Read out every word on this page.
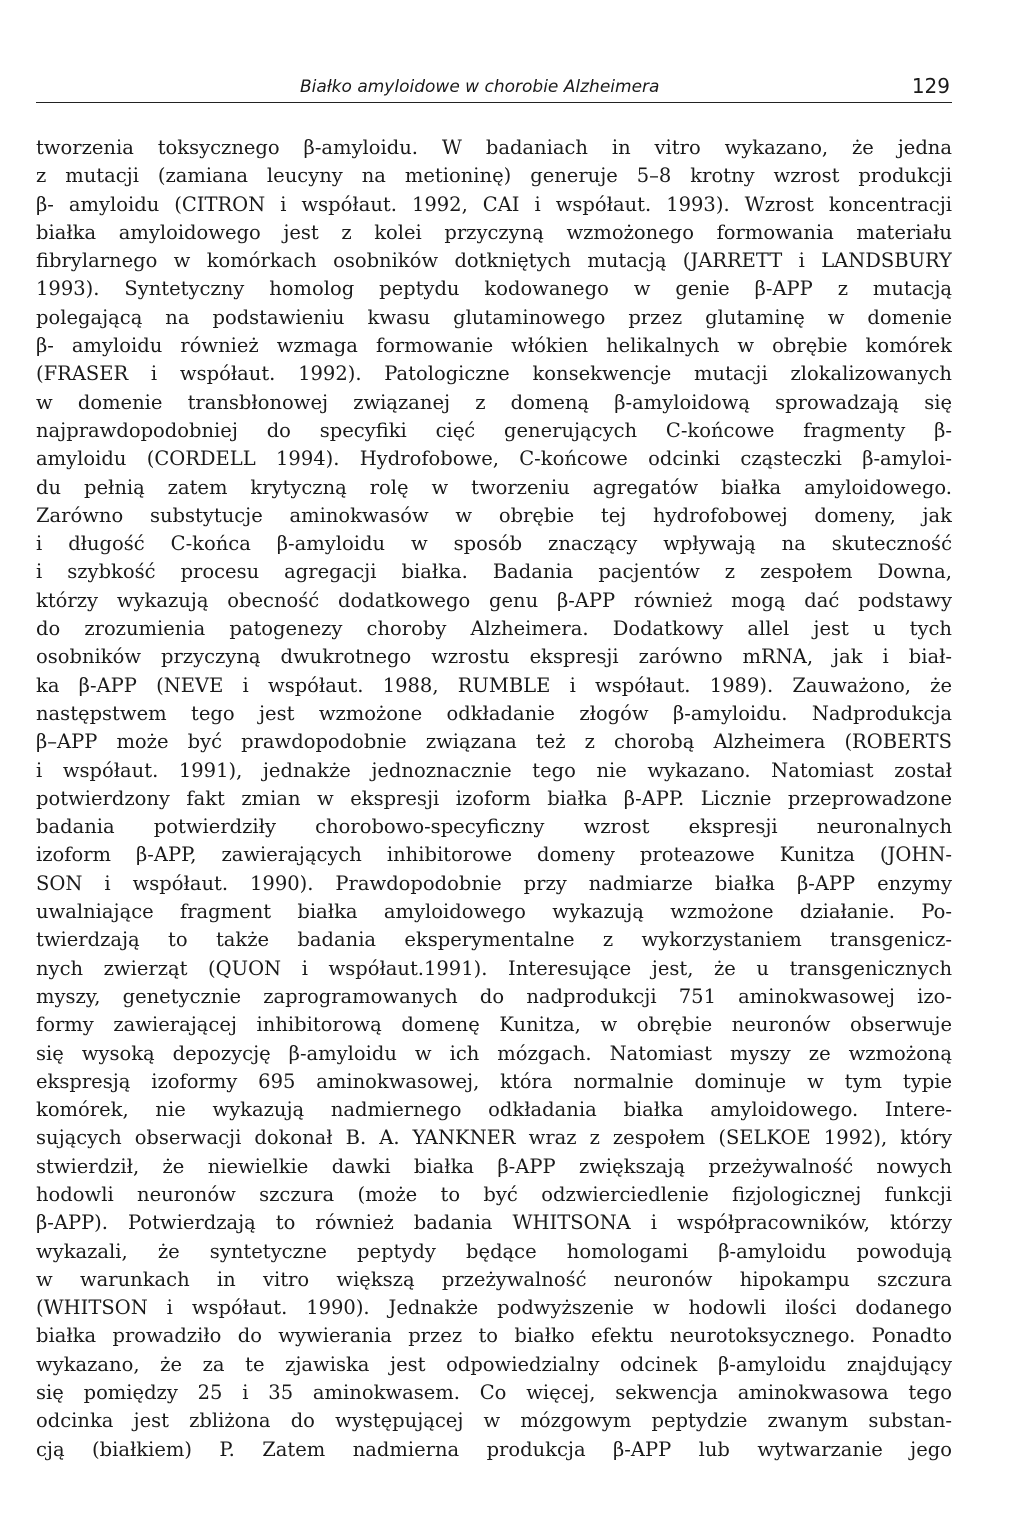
Białko amyloidowe w chorobie Alzheimera	129
tworzenia toksycznego β-amyloidu. W badaniach in vitro wykazano, że jedna
z mutacji (zamiana leucyny na metioninę) generuje 5–8 krotny wzrost produkcji
β- amyloidu (CITRON i współaut. 1992, CAI i współaut. 1993). Wzrost koncentracji
białka amyloidowego jest z kolei przyczyną wzmożonego formowania materiału
fibrylarnego w komórkach osobników dotkniętych mutacją (JARRETT i LANDSBURY
1993). Syntetyczny homolog peptydu kodowanego w genie β-APP z mutacją
polegającą na podstawieniu kwasu glutaminowego przez glutaminę w domenie
β- amyloidu również wzmaga formowanie włókien helikalnych w obrębie komórek
(FRASER i współaut. 1992). Patologiczne konsekwencje mutacji zlokalizowanych
w domenie transbłonowej związanej z domeną β-amyloidową sprowadzają się
najprawdopodobniej do specyfiki cięć generujących C-końcowe fragmenty β-
amyloidu (CORDELL 1994). Hydrofobowe, C-końcowe odcinki cząsteczki β-amyloi-
du pełnią zatem krytyczną rolę w tworzeniu agregatów białka amyloidowego.
Zarówno substytucje aminokwasów w obrębie tej hydrofobowej domeny, jak
i długość C-końca β-amyloidu w sposób znaczący wpływają na skuteczność
i szybkość procesu agregacji białka. Badania pacjentów z zespołem Downa,
którzy wykazują obecność dodatkowego genu β-APP również mogą dać podstawy
do zrozumienia patogenezy choroby Alzheimera. Dodatkowy allel jest u tych
osobników przyczyną dwukrotnego wzrostu ekspresji zarówno mRNA, jak i biał-
ka β-APP (NEVE i współaut. 1988, RUMBLE i współaut. 1989). Zauważono, że
następstwem tego jest wzmożone odkładanie złogów β-amyloidu. Nadprodukcja
β–APP może być prawdopodobnie związana też z chorobą Alzheimera (ROBERTS
i współaut. 1991), jednakże jednoznacznie tego nie wykazano. Natomiast został
potwierdzony fakt zmian w ekspresji izoform białka β-APP. Licznie przeprowadzone
badania potwierdziły chorobowo-specyficzny wzrost ekspresji neuronalnych
izoform β-APP, zawierających inhibitorowe domeny proteazowe Kunitza (JOHN-
SON i współaut. 1990). Prawdopodobnie przy nadmiarze białka β-APP enzymy
uwalniające fragment białka amyloidowego wykazują wzmożone działanie. Po-
twierdzają to także badania eksperymentalne z wykorzystaniem transgenicz-
nych zwierząt (QUON i współaut.1991). Interesujące jest, że u transgenicznych
myszy, genetycznie zaprogramowanych do nadprodukcji 751 aminokwasowej izo-
formy zawierającej inhibitorową domenę Kunitza, w obrębie neuronów obserwuje
się wysoką depozycję β-amyloidu w ich mózgach. Natomiast myszy ze wzmożoną
ekspresją izoformy 695 aminokwasowej, która normalnie dominuje w tym typie
komórek, nie wykazują nadmiernego odkładania białka amyloidowego. Intere-
sujących obserwacji dokonał B. A. YANKNER wraz z zespołem (SELKOE 1992), który
stwierdził, że niewielkie dawki białka β-APP zwiększają przeżywalność nowych
hodowli neuronów szczura (może to być odzwierciedlenie fizjologicznej funkcji
β-APP). Potwierdzają to również badania WHITSONA i współpracowników, którzy
wykazali, że syntetyczne peptydy będące homologami β-amyloidu powodują
w warunkach in vitro większą przeżywalność neuronów hipokampu szczura
(WHITSON i współaut. 1990). Jednakże podwyższenie w hodowli ilości dodanego
białka prowadziło do wywierania przez to białko efektu neurotoksycznego. Ponadto
wykazano, że za te zjawiska jest odpowiedzialny odcinek β-amyloidu znajdujący
się pomiędzy 25 i 35 aminokwasem. Co więcej, sekwencja aminokwasowa tego
odcinka jest zbliżona do występującej w mózgowym peptydzie zwanym substan-
cją (białkiem) P. Zatem nadmierna produkcja β-APP lub wytwarzanie jego
